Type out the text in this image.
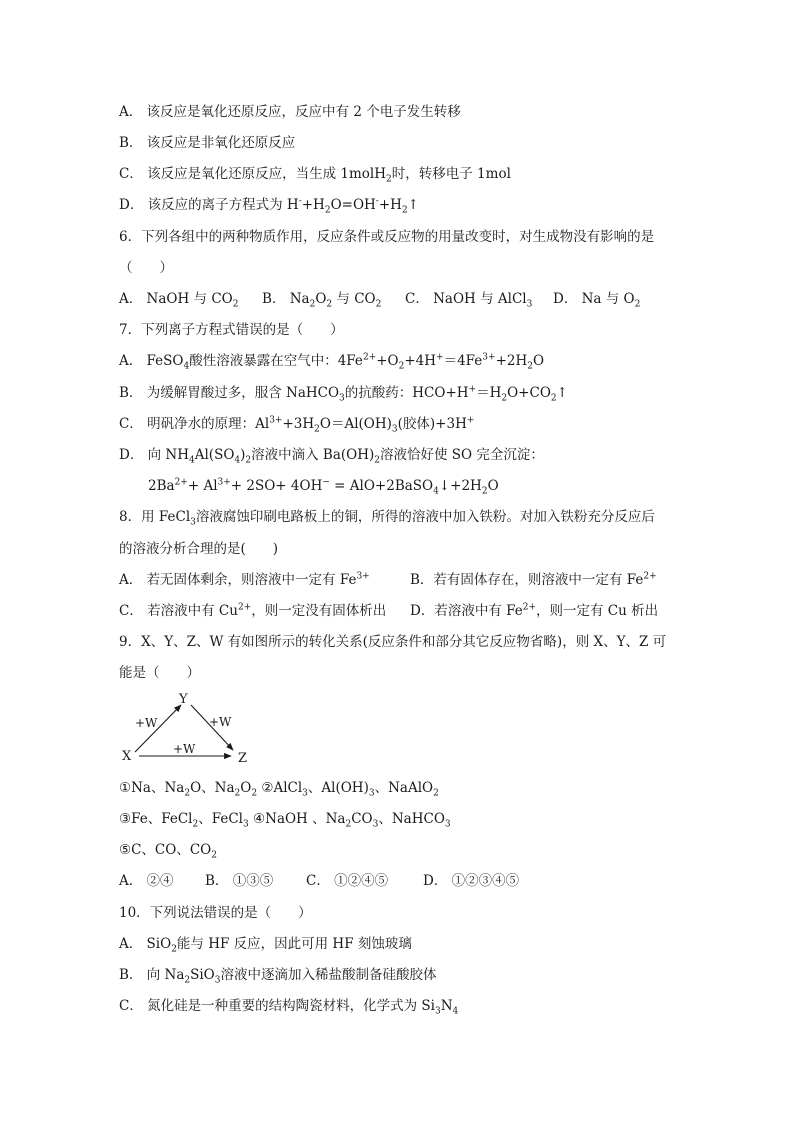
A． 该反应是氧化还原反应，反应中有 2 个电子发生转移
B． 该反应是非氧化还原反应
C． 该反应是氧化还原反应，当生成 1molH$_2$时，转移电子 1mol
D． 该反应的离子方程式为 $H^-+H_2O=OH^-+H_2↑$
6．下列各组中的两种物质作用，反应条件或反应物的用量改变时，对生成物没有影响的是
（　　）
A． NaOH 与 $CO_2$ B． $Na_2O_2$ 与 $CO_2$ C． NaOH 与 AlCl$_3$ D． Na 与 $O_2$
7．下列离子方程式错误的是（　　）
A． FeSO$_4$酸性溶液暴露在空气中：$4Fe^{2+}+O_2+4H^+=4Fe^{3+}+2H_2O$
B． 为缓解胃酸过多，服含 NaHCO$_3$的抗酸药：$HCO+H^+=H_2O+CO_2↑$
C． 明矾净水的原理：$Al^{3+}+3H_2O=Al(OH)_3$(胶体)+3H+
D． 向 $NH_4Al(SO_4)_2$溶液中滴入 $Ba(OH)_2$溶液恰好使 SO 完全沉淀：
$2Ba^{2+}+ Al^{3+}+ 2SO+ 4OH^-$ = $AlO+2BaSO_4↓+2H_2O$
8．用 FeCl$_3$溶液腐蚀印刷电路板上的铜，所得的溶液中加入铁粉。对加入铁粉充分反应后
的溶液分析合理的是(　　)
A． 若无固体剩余，则溶液中一定有 $Fe^{3+}$	B．若有固体存在，则溶液中一定有 $Fe^{2+}$
C． 若溶液中有 $Cu^{2+}$，则一定没有固体析出 D．若溶液中有 $Fe^{2+}$，则一定有 Cu 析出
9．X、Y、Z、W 有如图所示的转化关系(反应条件和部分其它反应物省略)，则 X、Y、Z 可
能是（　　）
Y
X	Z
+W	+W
+W
①Na、$Na_2O$、$Na_2O_2$ ②AlCl$_3$、$Al(OH)_3$、NaAlO$_2$
③Fe、FeCl$_2$、FeCl$_3$ ④NaOH 、$Na_2CO_3$、NaHCO$_3$
⑤C、CO、$CO_2$
A． ②④ B． ①③⑤ C． ①②④⑤	D． ①②③④⑤
10．下列说法错误的是（　　）
A． SiO$_2$能与 HF 反应，因此可用 HF 刻蚀玻璃
B． 向 $Na_2SiO_3$溶液中逐滴加入稀盐酸制备硅酸胶体
C． 氮化硅是一种重要的结构陶瓷材料，化学式为 $Si_3N_4$
